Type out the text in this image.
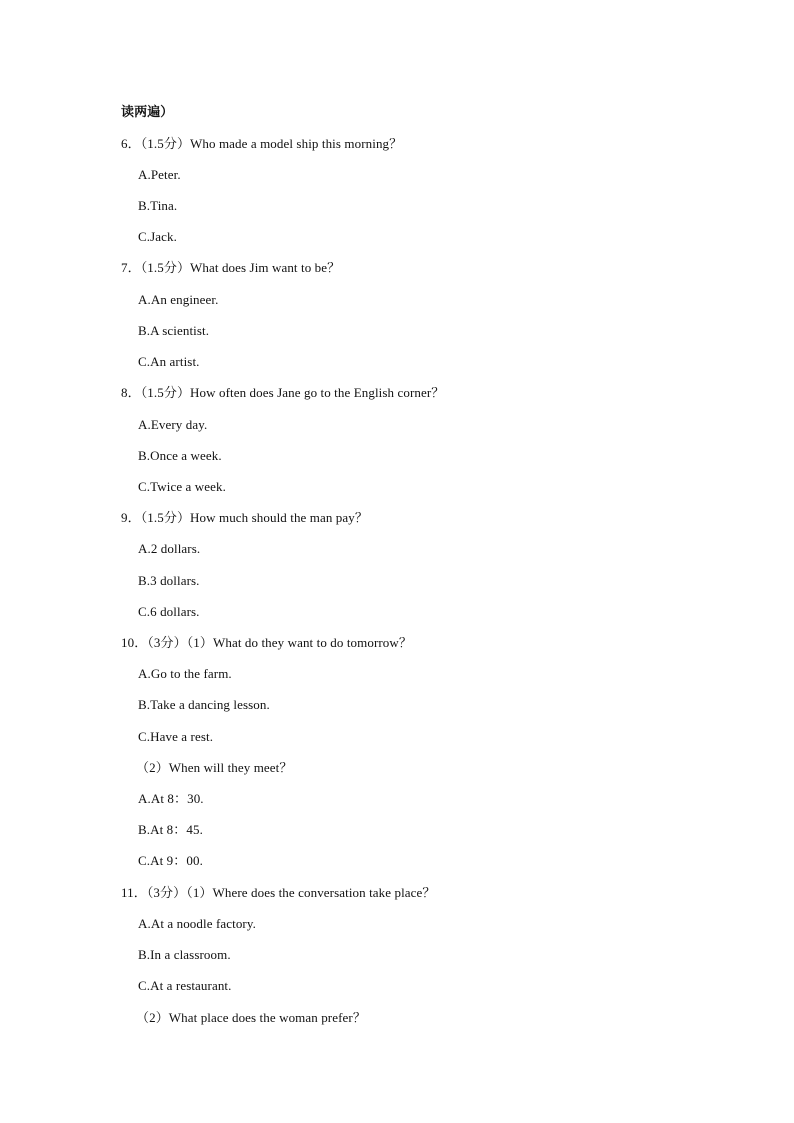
读两遍）
6．（1.5分）Who made a model ship this morning？
A.Peter.
B.Tina.
C.Jack.
7．（1.5分）What does Jim want to be？
A.An engineer.
B.A scientist.
C.An artist.
8．（1.5分）How often does Jane go to the English corner？
A.Every day.
B.Once a week.
C.Twice a week.
9．（1.5分）How much should the man pay？
A.2 dollars.
B.3 dollars.
C.6 dollars.
10．（3分）（1）What do they want to do tomorrow？
A.Go to the farm.
B.Take a dancing lesson.
C.Have a rest.
（2）When will they meet？
A.At 8：30.
B.At 8：45.
C.At 9：00.
11．（3分）（1）Where does the conversation take place？
A.At a noodle factory.
B.In a classroom.
C.At a restaurant.
（2）What place does the woman prefer？
